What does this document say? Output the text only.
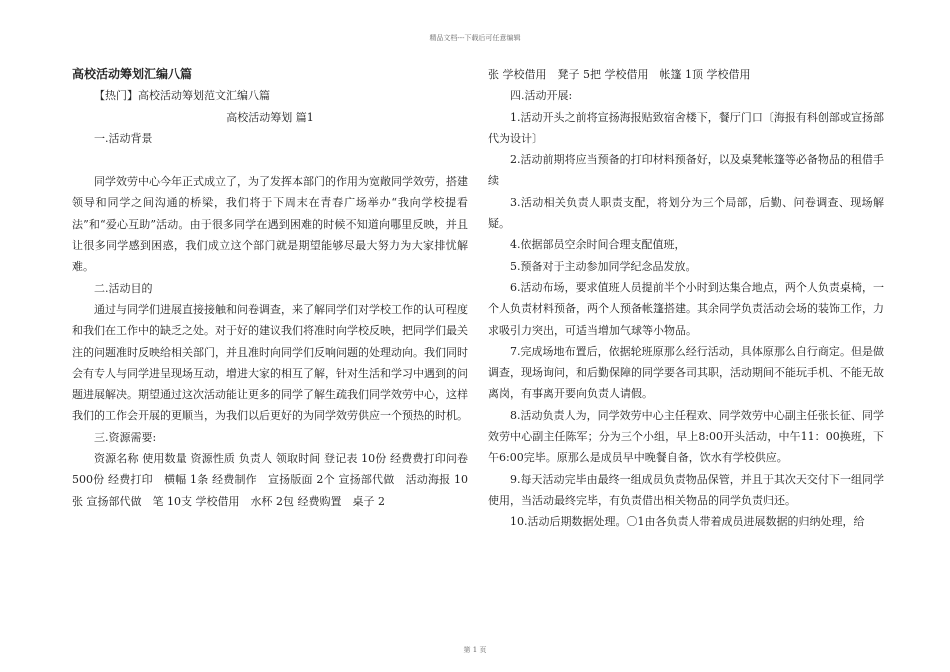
精品文档---下载后可任意编辑

高校活动筹划汇编八篇

【热门】高校活动筹划范文汇编八篇

高校活动筹划 篇1

一.活动背景

同学效劳中心今年正式成立了，为了发挥本部门的作用为宽敞同学效劳，搭建领导和同学之间沟通的桥梁，我们将于下周末在青春广场举办“我向学校提看法”和“爱心互助”活动。由于很多同学在遇到困难的时候不知道向哪里反映，并且让很多同学感到困惑，我们成立这个部门就是期望能够尽最大努力为大家排忧解难。

二.活动目的

通过与同学们进展直接接触和问卷调查，来了解同学们对学校工作的认可程度和我们在工作中的缺乏之处。对于好的建议我们将准时向学校反映，把同学们最关注的问题准时反映给相关部门，并且准时向同学们反响问题的处理动向。我们同时会有专人与同学进呈现场互动，增进大家的相互了解，针对生活和学习中遇到的问题进展解决。期望通过这次活动能让更多的同学了解生疏我们同学效劳中心，这样我们的工作会开展的更顺当，为我们以后更好的为同学效劳供应一个预热的时机。

三.资源需要:

资源名称 使用数量 资源性质 负责人 领取时间 登记表 10份 经费费打印问卷 500份 经费打印　横幅 1条 经费制作　宣扬版面 2个 宣扬部代做　活动海报 10张 宣扬部代做　笔 10支 学校借用　水杯 2包 经费购置　桌子 2

张 学校借用　凳子 5把 学校借用　帐篷 1顶 学校借用

四.活动开展:

1.活动开头之前将宣扬海报贴致宿舍楼下，餐厅门口〔海报有科创部或宣扬部代为设计〕

2.活动前期将应当预备的打印材料预备好，以及桌凳帐篷等必备物品的租借手续

3.活动相关负责人职责支配，将划分为三个局部，后勤、问卷调查、现场解疑。

4.依据部员空余时间合理支配值班，

5.预备对于主动参加同学纪念品发放。

6.活动布场，要求值班人员提前半个小时到达集合地点，两个人负责桌椅，一个人负责材料预备，两个人预备帐篷搭建。其余同学负责活动会场的装饰工作，力求吸引力突出，可适当增加气球等小物品。

7.完成场地布置后，依据轮班原那么经行活动，具体原那么自行商定。但是做调查，现场询问，和后勤保障的同学要各司其职，活动期间不能玩手机、不能无故离岗，有事离开要向负责人请假。

8.活动负责人为，同学效劳中心主任程欢、同学效劳中心副主任张长征、同学效劳中心副主任陈军；分为三个小组，早上8:00开头活动，中午11：00换班，下午6:00完毕。原那么是成员早中晚餐自备，饮水有学校供应。

9.每天活动完毕由最终一组成员负责物品保管，并且于其次天交付下一组同学使用，当活动最终完毕，有负责借出相关物品的同学负责归还。

10.活动后期数据处理。〇1由各负责人带着成员进展数据的归纳处理，给

第 1 页
